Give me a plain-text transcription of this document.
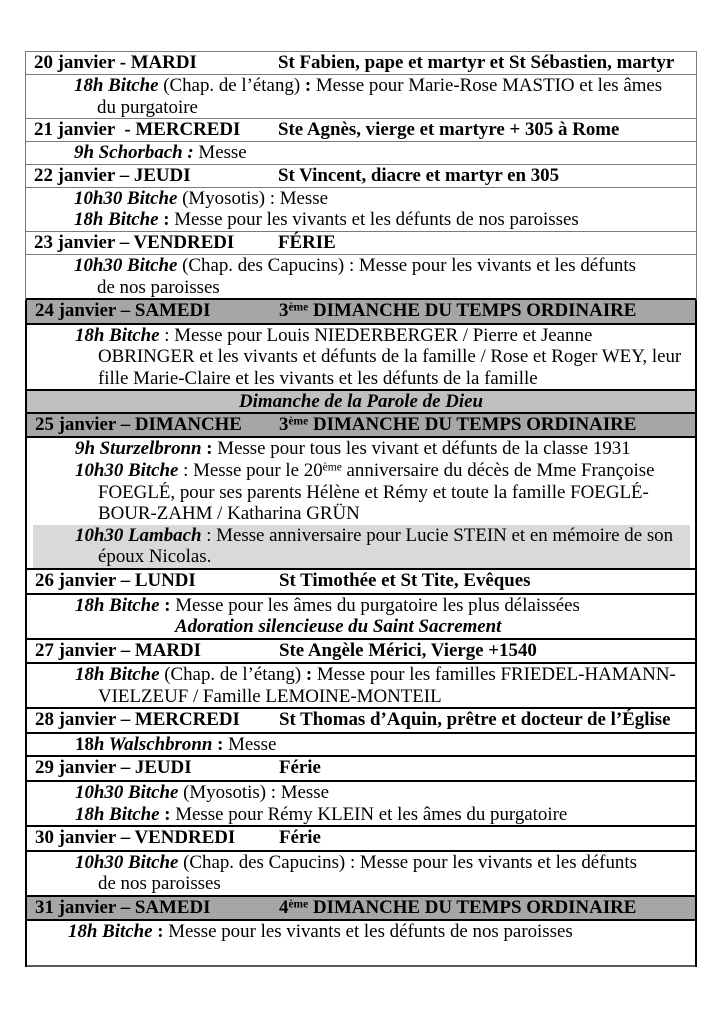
20 janvier - MARDI	St Fabien, pape et martyr et St Sébastien, martyr
18h Bitche (Chap. de l’étang) : Messe pour Marie-Rose MASTIO et les âmes
du purgatoire
21 janvier  - MERCREDI Ste Agnès, vierge et martyre + 305 à Rome
9h Schorbach : Messe
22 janvier – JEUDI	St Vincent, diacre et martyr en 305
10h30 Bitche (Myosotis) : Messe
18h Bitche : Messe pour les vivants et les défunts de nos paroisses
23 janvier – VENDREDI FÉRIE
10h30 Bitche (Chap. des Capucins) : Messe pour les vivants et les défunts
de nos paroisses
24 janvier – SAMEDI	3ème DIMANCHE DU TEMPS ORDINAIRE
18h Bitche : Messe pour Louis NIEDERBERGER / Pierre et Jeanne
OBRINGER et les vivants et défunts de la famille / Rose et Roger WEY, leur
fille Marie-Claire et les vivants et les défunts de la famille
Dimanche de la Parole de Dieu
25 janvier – DIMANCHE 3ème DIMANCHE DU TEMPS ORDINAIRE
9h Sturzelbronn : Messe pour tous les vivant et défunts de la classe 1931
10h30 Bitche : Messe pour le 20ème anniversaire du décès de Mme Françoise
FOEGLÉ, pour ses parents Hélène et Rémy et toute la famille FOEGLÉ-
BOUR-ZAHM / Katharina GRÜN
10h30 Lambach : Messe anniversaire pour Lucie STEIN et en mémoire de son
époux Nicolas.
26 janvier – LUNDI	St Timothée et St Tite, Evêques
18h Bitche : Messe pour les âmes du purgatoire les plus délaissées
Adoration silencieuse du Saint Sacrement
27 janvier – MARDI	Ste Angèle Mérici, Vierge +1540
18h Bitche (Chap. de l’étang) : Messe pour les familles FRIEDEL-HAMANN-
VIELZEUF / Famille LEMOINE-MONTEIL
28 janvier – MERCREDI St Thomas d’Aquin, prêtre et docteur de l’Église
18h Walschbronn : Messe
29 janvier – JEUDI	Férie
10h30 Bitche (Myosotis) : Messe
18h Bitche : Messe pour Rémy KLEIN et les âmes du purgatoire
30 janvier – VENDREDI Férie
10h30 Bitche (Chap. des Capucins) : Messe pour les vivants et les défunts
de nos paroisses
31 janvier – SAMEDI	4ème DIMANCHE DU TEMPS ORDINAIRE
18h Bitche : Messe pour les vivants et les défunts de nos paroisses
